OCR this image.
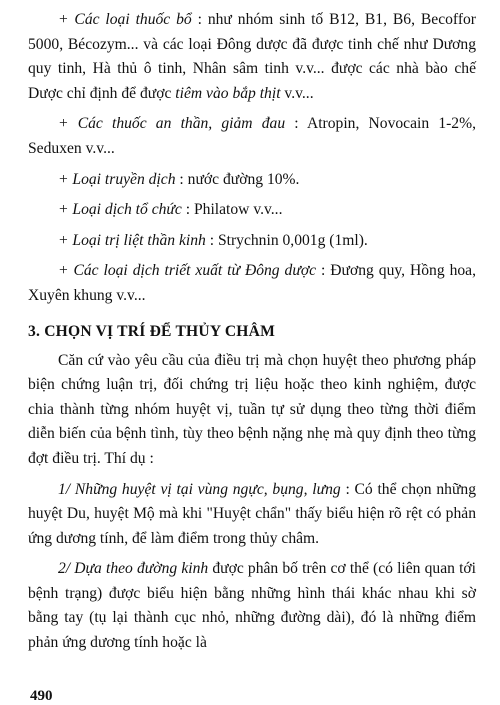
+ Các loại thuốc bổ : như nhóm sinh tố B12, B1, B6, Becoffor 5000, Bécozym... và các loại Đông dược đã được tinh chế như Dương quy tinh, Hà thủ ô tinh, Nhân sâm tinh v.v... được các nhà bào chế Dược chỉ định để được tiêm vào bắp thịt v.v...

+ Các thuốc an thần, giảm đau : Atropin, Novocain 1-2%, Seduxen v.v...

+ Loại truyền dịch : nước đường 10%.

+ Loại dịch tổ chức : Philatow v.v...

+ Loại trị liệt thần kinh : Strychnin 0,001g (1ml).

+ Các loại dịch triết xuất từ Đông dược : Đương quy, Hồng hoa, Xuyên khung v.v...

3. CHỌN VỊ TRÍ ĐỂ THỦY CHÂM

Căn cứ vào yêu cầu của điều trị mà chọn huyệt theo phương pháp biện chứng luận trị, đối chứng trị liệu hoặc theo kinh nghiệm, được chia thành từng nhóm huyệt vị, tuần tự sử dụng theo từng thời điểm diễn biến của bệnh tình, tùy theo bệnh nặng nhẹ mà quy định theo từng đợt điều trị. Thí dụ :

1/ Những huyệt vị tại vùng ngực, bụng, lưng : Có thể chọn những huyệt Du, huyệt Mộ mà khi "Huyệt chẩn" thấy biểu hiện rõ rệt có phản ứng dương tính, để làm điểm trong thủy châm.

2/ Dựa theo đường kinh được phân bố trên cơ thể (có liên quan tới bệnh trạng) được biểu hiện bằng những hình thái khác nhau khi sờ bằng tay (tụ lại thành cục nhỏ, những đường dài), đó là những điểm phản ứng dương tính hoặc là

490
